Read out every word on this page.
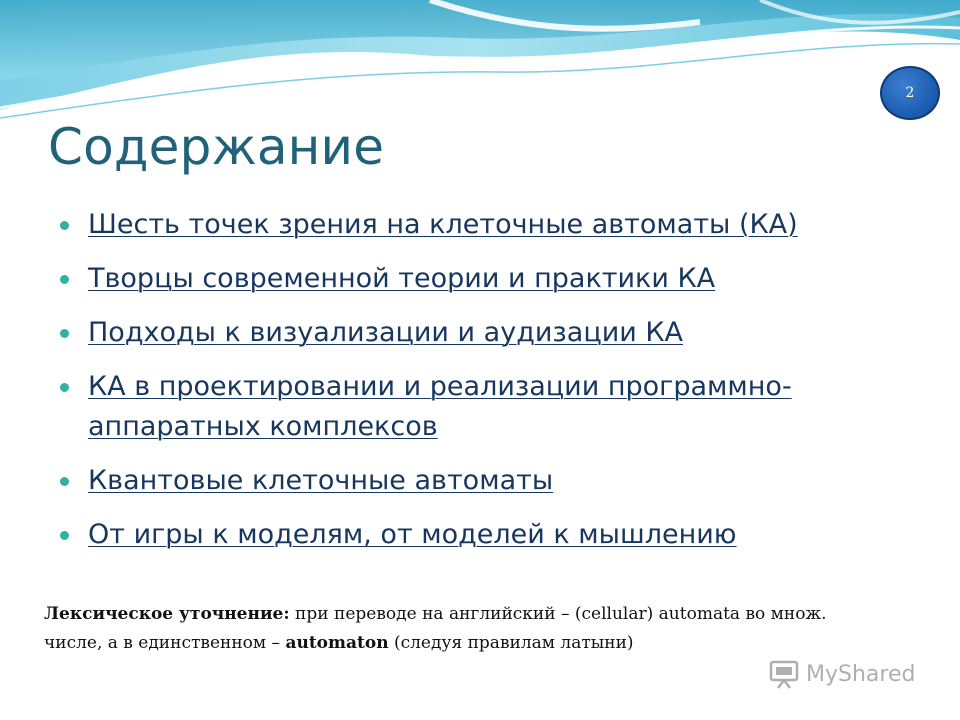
2
Содержание
Шесть точек зрения на клеточные автоматы (КА)
Творцы современной теории и практики КА
Подходы к визуализации и аудизации КА
КА в проектировании и реализации программно-аппаратных комплексов
Квантовые клеточные автоматы
От игры к моделям, от моделей к мышлению
Лексическое уточнение: при переводе на английский – (cellular) automata во множ. числе, а в единственном – automaton (следуя правилам латыни)
MyShared
